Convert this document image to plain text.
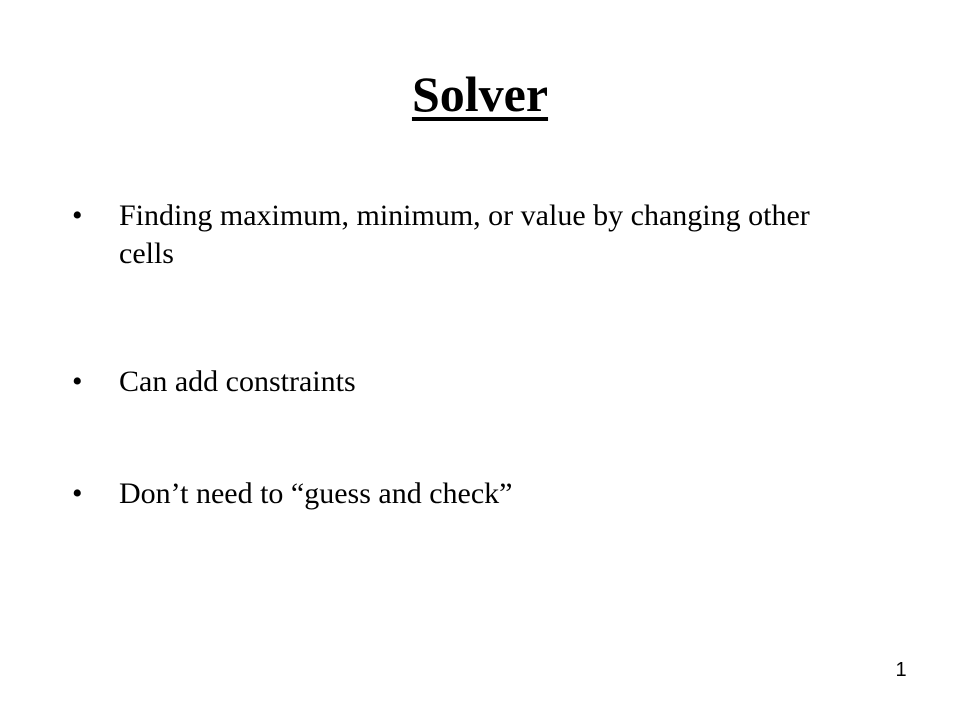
Solver
•	Finding maximum, minimum, or value by changing other cells
•	Can add constraints
•	Don’t need to “guess and check”
1
